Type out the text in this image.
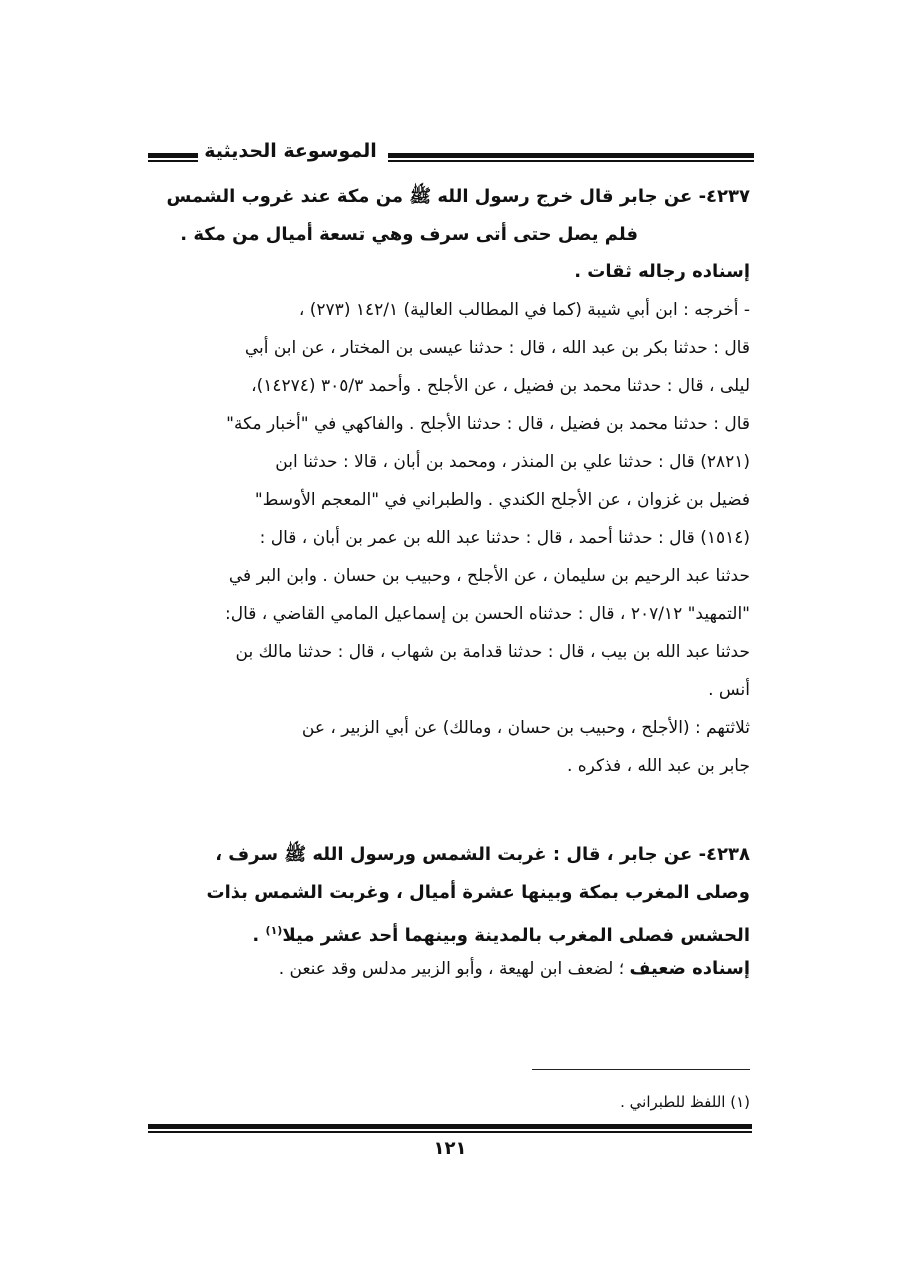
الموسوعة الحديثية
٤٢٣٧- عن جابر قال خرج رسول الله ﷺ من مكة عند غروب الشمس
فلم يصل حتى أتى سرف وهي تسعة أميال من مكة .
إسناده رجاله ثقات .
- أخرجه : ابن أبي شيبة (كما في المطالب العالية) ١٤٢/١ (٢٧٣) ،
قال : حدثنا بكر بن عبد الله ، قال : حدثنا عيسى بن المختار ، عن ابن أبي
ليلى ، قال : حدثنا محمد بن فضيل ، عن الأجلح . وأحمد ٣٠٥/٣ (١٤٢٧٤)،
قال : حدثنا محمد بن فضيل ، قال : حدثنا الأجلح . والفاكهي في "أخبار مكة"
(٢٨٢١) قال : حدثنا علي بن المنذر ، ومحمد بن أبان ، قالا : حدثنا ابن
فضيل بن غزوان ، عن الأجلح الكندي . والطبراني في "المعجم الأوسط"
(١٥١٤) قال : حدثنا أحمد ، قال : حدثنا عبد الله بن عمر بن أبان ، قال :
حدثنا عبد الرحيم بن سليمان ، عن الأجلح ، وحبيب بن حسان . وابن البر في
"التمهيد" ٢٠٧/١٢ ، قال : حدثناه الحسن بن إسماعيل المامي القاضي ، قال:
حدثنا عبد الله بن بيب ، قال : حدثنا قدامة بن شهاب ، قال : حدثنا مالك بن
أنس .
ثلاثتهم : (الأجلح ، وحبيب بن حسان ، ومالك) عن أبي الزبير ، عن
جابر بن عبد الله ، فذكره .
٤٢٣٨- عن جابر ، قال : غربت الشمس ورسول الله ﷺ سرف ،
وصلى المغرب بمكة وبينها عشرة أميال ، وغربت الشمس بذات
الحشس فصلى المغرب بالمدينة وبينهما أحد عشر ميلا$^{(١)}$ .
إسناده ضعيف ؛ لضعف ابن لهيعة ، وأبو الزبير مدلس وقد عنعن .
(١) اللفظ للطبراني .
١٢١
